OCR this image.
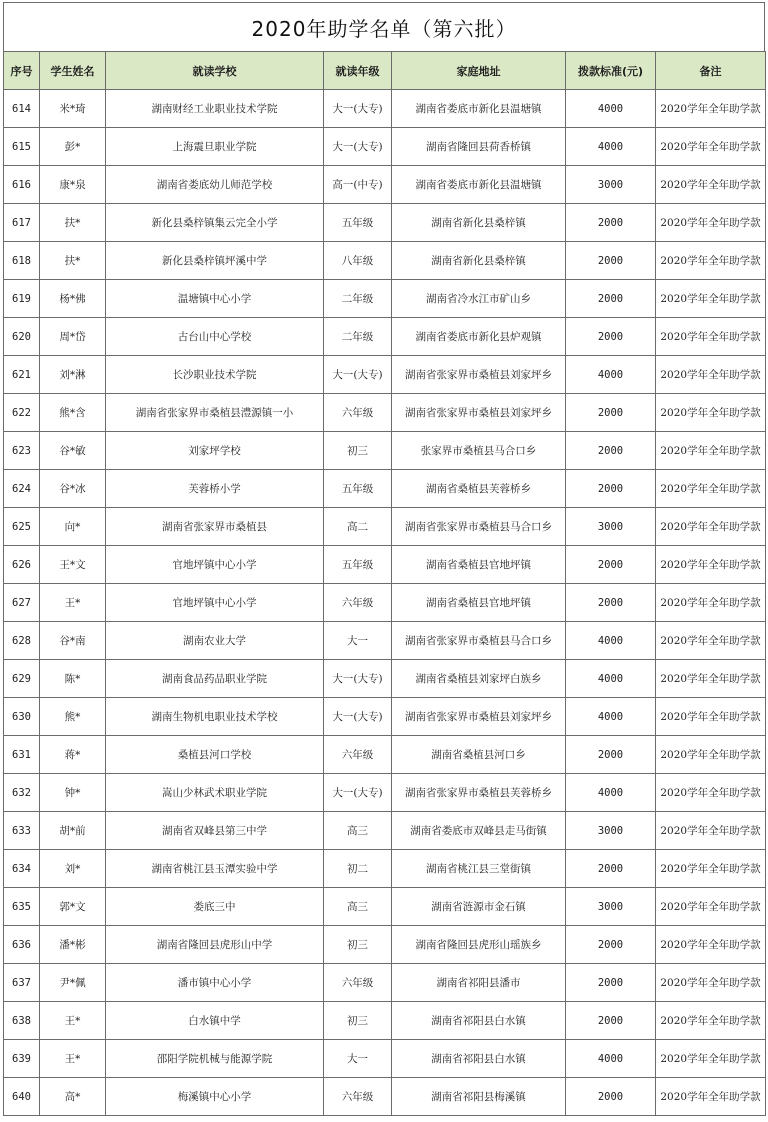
2020年助学名单（第六批）
序号	学生姓名	就读学校	就读年级	家庭地址	拨款标准(元)	备注
614	米*琦	湖南财经工业职业技术学院	大一(大专)	湖南省娄底市新化县温塘镇	4000	2020学年全年助学款
615	彭*	上海震旦职业学院	大一(大专)	湖南省隆回县荷香桥镇	4000	2020学年全年助学款
616	康*泉	湖南省娄底幼儿师范学校	高一(中专)	湖南省娄底市新化县温塘镇	3000	2020学年全年助学款
617	扶*	新化县桑梓镇集云完全小学	五年级	湖南省新化县桑梓镇	2000	2020学年全年助学款
618	扶*	新化县桑梓镇坪溪中学	八年级	湖南省新化县桑梓镇	2000	2020学年全年助学款
619	杨*佛	温塘镇中心小学	二年级	湖南省冷水江市矿山乡	2000	2020学年全年助学款
620	周*岱	古台山中心学校	二年级	湖南省娄底市新化县炉观镇	2000	2020学年全年助学款
621	刘*淋	长沙职业技术学院	大一(大专)	湖南省张家界市桑植县刘家坪乡	4000	2020学年全年助学款
622	熊*含	湖南省张家界市桑植县澧源镇一小	六年级	湖南省张家界市桑植县刘家坪乡	2000	2020学年全年助学款
623	谷*敏	刘家坪学校	初三	张家界市桑植县马合口乡	2000	2020学年全年助学款
624	谷*冰	芙蓉桥小学	五年级	湖南省桑植县芙蓉桥乡	2000	2020学年全年助学款
625	向*	湖南省张家界市桑植县	高二	湖南省张家界市桑植县马合口乡	3000	2020学年全年助学款
626	王*文	官地坪镇中心小学	五年级	湖南省桑植县官地坪镇	2000	2020学年全年助学款
627	王*	官地坪镇中心小学	六年级	湖南省桑植县官地坪镇	2000	2020学年全年助学款
628	谷*南	湖南农业大学	大一	湖南省张家界市桑植县马合口乡	4000	2020学年全年助学款
629	陈*	湖南食品药品职业学院	大一(大专)	湖南省桑植县刘家坪白族乡	4000	2020学年全年助学款
630	熊*	湖南生物机电职业技术学校	大一(大专)	湖南省张家界市桑植县刘家坪乡	4000	2020学年全年助学款
631	蒋*	桑植县河口学校	六年级	湖南省桑植县河口乡	2000	2020学年全年助学款
632	钟*	嵩山少林武术职业学院	大一(大专)	湖南省张家界市桑植县芙蓉桥乡	4000	2020学年全年助学款
633	胡*前	湖南省双峰县第三中学	高三	湖南省娄底市双峰县走马街镇	3000	2020学年全年助学款
634	刘*	湖南省桃江县玉潭实验中学	初二	湖南省桃江县三堂街镇	2000	2020学年全年助学款
635	郭*文	娄底三中	高三	湖南省涟源市金石镇	3000	2020学年全年助学款
636	潘*彬	湖南省隆回县虎形山中学	初三	湖南省隆回县虎形山瑶族乡	2000	2020学年全年助学款
637	尹*佩	潘市镇中心小学	六年级	湖南省祁阳县潘市	2000	2020学年全年助学款
638	王*	白水镇中学	初三	湖南省祁阳县白水镇	2000	2020学年全年助学款
639	王*	邵阳学院机械与能源学院	大一	湖南省祁阳县白水镇	4000	2020学年全年助学款
640	高*	梅溪镇中心小学	六年级	湖南省祁阳县梅溪镇	2000	2020学年全年助学款
